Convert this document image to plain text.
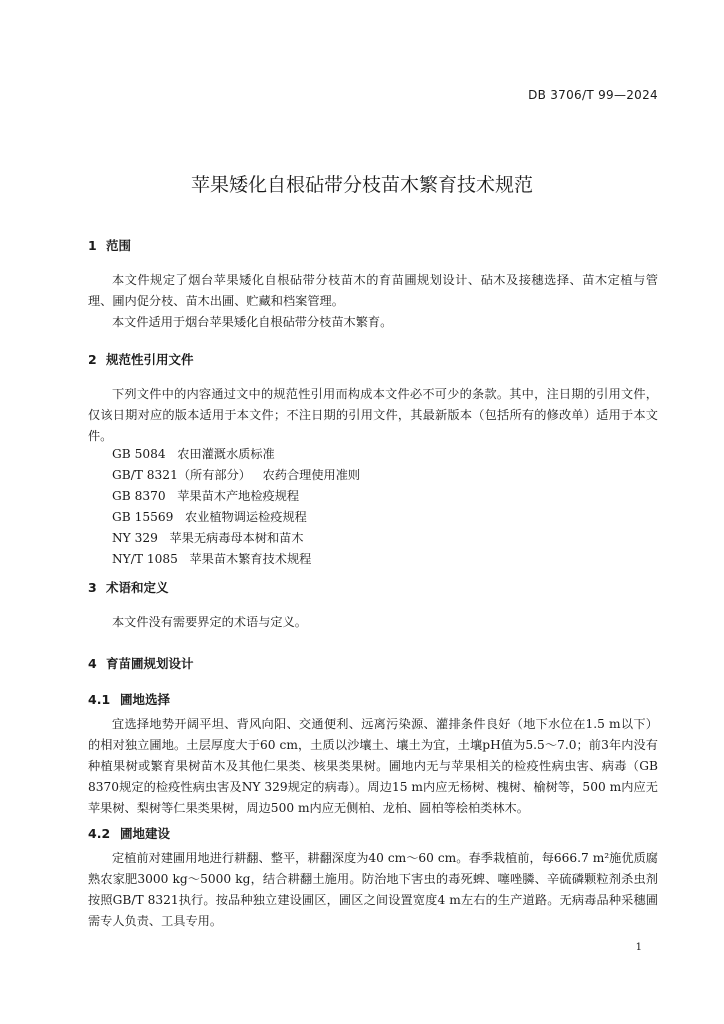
DB 3706/T 99—2024
苹果矮化自根砧带分枝苗木繁育技术规范
1 范围

本文件规定了烟台苹果矮化自根砧带分枝苗木的育苗圃规划设计、砧木及接穗选择、苗木定植与管理、圃内促分枝、苗木出圃、贮藏和档案管理。

本文件适用于烟台苹果矮化自根砧带分枝苗木繁育。

2 规范性引用文件

下列文件中的内容通过文中的规范性引用而构成本文件必不可少的条款。其中，注日期的引用文件，仅该日期对应的版本适用于本文件；不注日期的引用文件，其最新版本（包括所有的修改单）适用于本文件。

GB 5084   农田灌溉水质标准
GB/T 8321（所有部分）   农药合理使用准则
GB 8370   苹果苗木产地检疫规程
GB 15569   农业植物调运检疫规程
NY 329   苹果无病毒母本树和苗木
NY/T 1085   苹果苗木繁育技术规程
3 术语和定义

本文件没有需要界定的术语与定义。

4 育苗圃规划设计
4.1 圃地选择

宜选择地势开阔平坦、背风向阳、交通便利、远离污染源、灌排条件良好（地下水位在1.5 m以下）的相对独立圃地。土层厚度大于60 cm，土质以沙壤土、壤土为宜，土壤pH值为5.5～7.0；前3年内没有种植果树或繁育果树苗木及其他仁果类、核果类果树。圃地内无与苹果相关的检疫性病虫害、病毒（GB 8370规定的检疫性病虫害及NY 329规定的病毒）。周边15 m内应无杨树、槐树、榆树等，500 m内应无苹果树、梨树等仁果类果树，周边500 m内应无侧柏、龙柏、圆柏等桧柏类林木。

4.2 圃地建设

定植前对建圃用地进行耕翻、整平，耕翻深度为40 cm～60 cm。春季栽植前，每666.7 m²施优质腐熟农家肥3000 kg～5000 kg，结合耕翻土施用。防治地下害虫的毒死蜱、噻唑膦、辛硫磷颗粒剂杀虫剂按照GB/T 8321执行。按品种独立建设圃区，圃区之间设置宽度4 m左右的生产道路。无病毒品种采穗圃需专人负责、工具专用。

1
